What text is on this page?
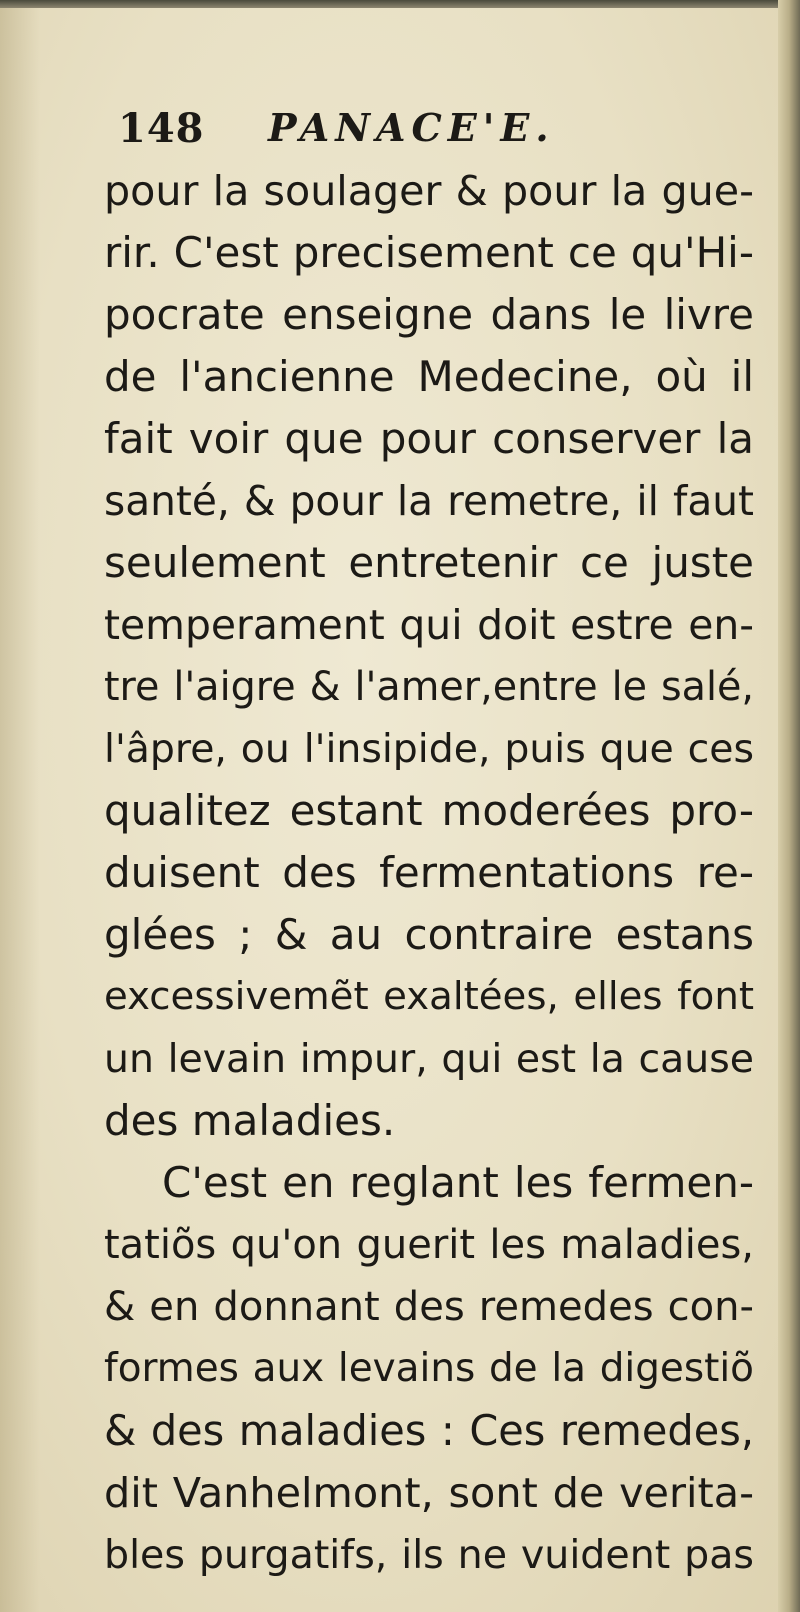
148 PANACE'E.
pour la soulager & pour la gue-
rir. C'est precisement ce qu'Hi-
pocrate enseigne dans le livre
de l'ancienne Medecine, où il
fait voir que pour conserver la
santé, & pour la remetre, il faut
seulement entretenir ce juste
temperament qui doit estre en-
tre l'aigre & l'amer,entre le salé,
l'âpre, ou l'insipide, puis que ces
qualitez estant moderées pro-
duisent des fermentations re-
glées ; & au contraire estans
excessivemẽt exaltées, elles font
un levain impur, qui est la cause
des maladies.
C'est en reglant les fermen-
tatiõs qu'on guerit les maladies,
& en donnant des remedes con-
formes aux levains de la digestiõ
& des maladies : Ces remedes,
dit Vanhelmont, sont de verita-
bles purgatifs, ils ne vuident pas
